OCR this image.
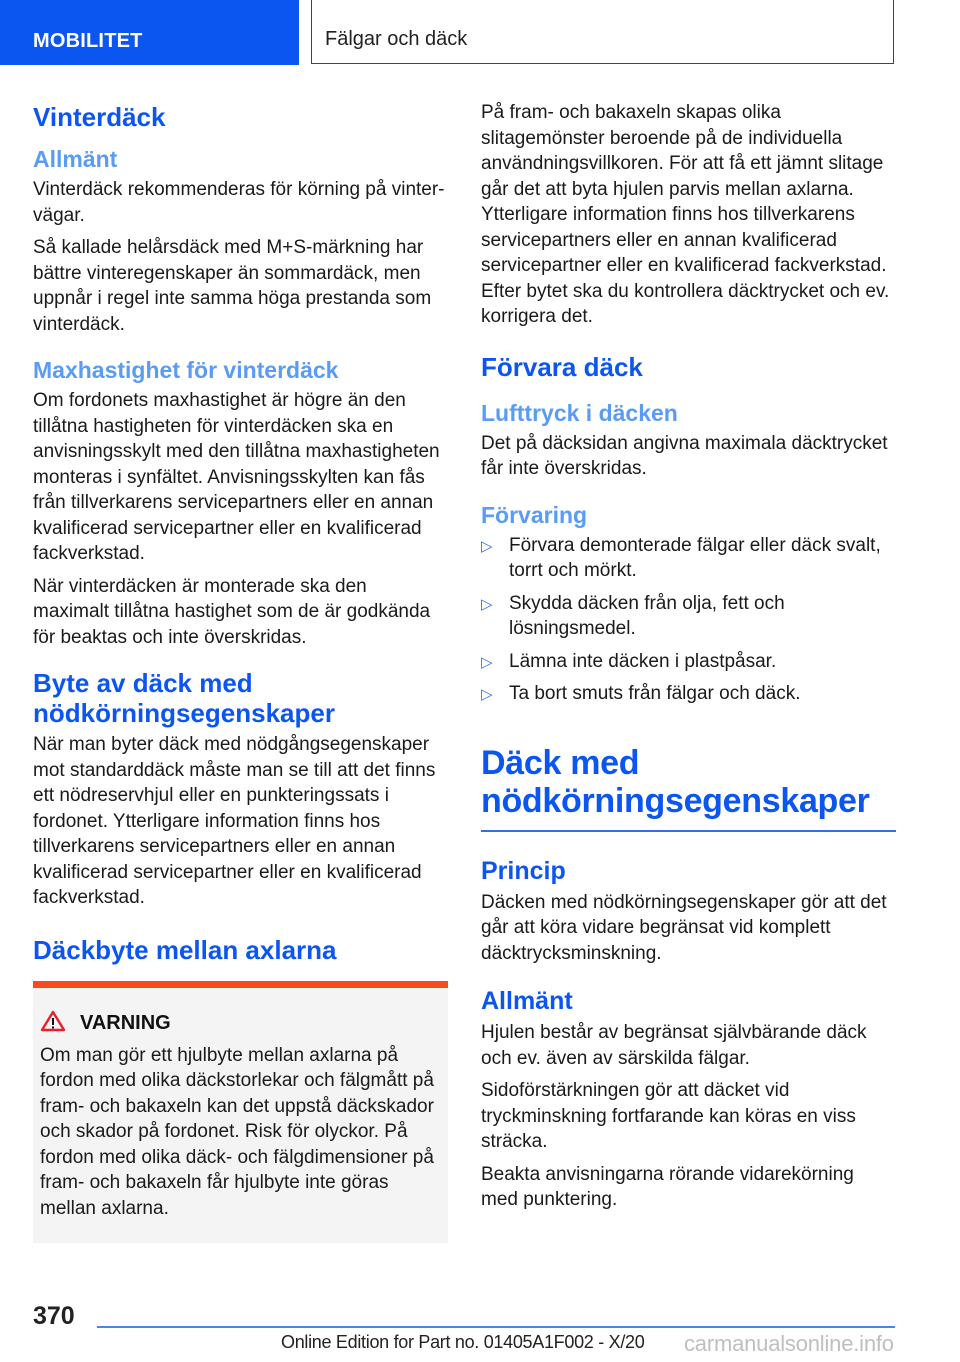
MOBILITET	Fälgar och däck
Vinterdäck
Allmänt

Vinterdäck rekommenderas för körning på vinter-vägar.

Så kallade helårsdäck med M+S-märkning har bättre vinteregenskaper än sommardäck, men uppnår i regel inte samma höga prestanda som vinterdäck.

Maxhastighet för vinterdäck

Om fordonets maxhastighet är högre än den tillåtna hastigheten för vinterdäcken ska en anvisningsskylt med den tillåtna maxhastigheten monteras i synfältet. Anvisningsskylten kan fås från tillverkarens servicepartners eller en annan kvalificerad servicepartner eller en kvalificerad fackverkstad.

När vinterdäcken är monterade ska den maximalt tillåtna hastighet som de är godkända för beaktas och inte överskridas.

Byte av däck med nödkörningsegenskaper

När man byter däck med nödgångsegenskaper mot standarddäck måste man se till att det finns ett nödreservhjul eller en punkteringssats i fordonet. Ytterligare information finns hos tillverkarens servicepartners eller en annan kvalificerad servicepartner eller en kvalificerad fackverkstad.

Däckbyte mellan axlarna
VARNING

Om man gör ett hjulbyte mellan axlarna på fordon med olika däckstorlekar och fälgmått på fram- och bakaxeln kan det uppstå däckskador och skador på fordonet. Risk för olyckor. På fordon med olika däck- och fälgdimensioner på fram- och bakaxeln får hjulbyte inte göras mellan axlarna.

På fram- och bakaxeln skapas olika slitagemönster beroende på de individuella användningsvillkoren. För att få ett jämnt slitage går det att byta hjulen parvis mellan axlarna. Ytterligare information finns hos tillverkarens servicepartners eller en annan kvalificerad servicepartner eller en kvalificerad fackverkstad. Efter bytet ska du kontrollera däcktrycket och ev. korrigera det.

Förvara däck
Lufttryck i däcken

Det på däcksidan angivna maximala däcktrycket får inte överskridas.

Förvaring
▷ Förvara demonterade fälgar eller däck svalt, torrt och mörkt.
▷ Skydda däcken från olja, fett och lösningsmedel.
▷ Lämna inte däcken i plastpåsar.
▷ Ta bort smuts från fälgar och däck.
Däck med nödkörningsegenskaper
Princip

Däcken med nödkörningsegenskaper gör att det går att köra vidare begränsat vid komplett däcktrycksminskning.

Allmänt

Hjulen består av begränsat självbärande däck och ev. även av särskilda fälgar.

Sidoförstärkningen gör att däcket vid tryckminskning fortfarande kan köras en viss sträcka.

Beakta anvisningarna rörande vidarekörning med punktering.

370
Online Edition for Part no. 01405A1F002 - X/20 carmanualsonline.info
